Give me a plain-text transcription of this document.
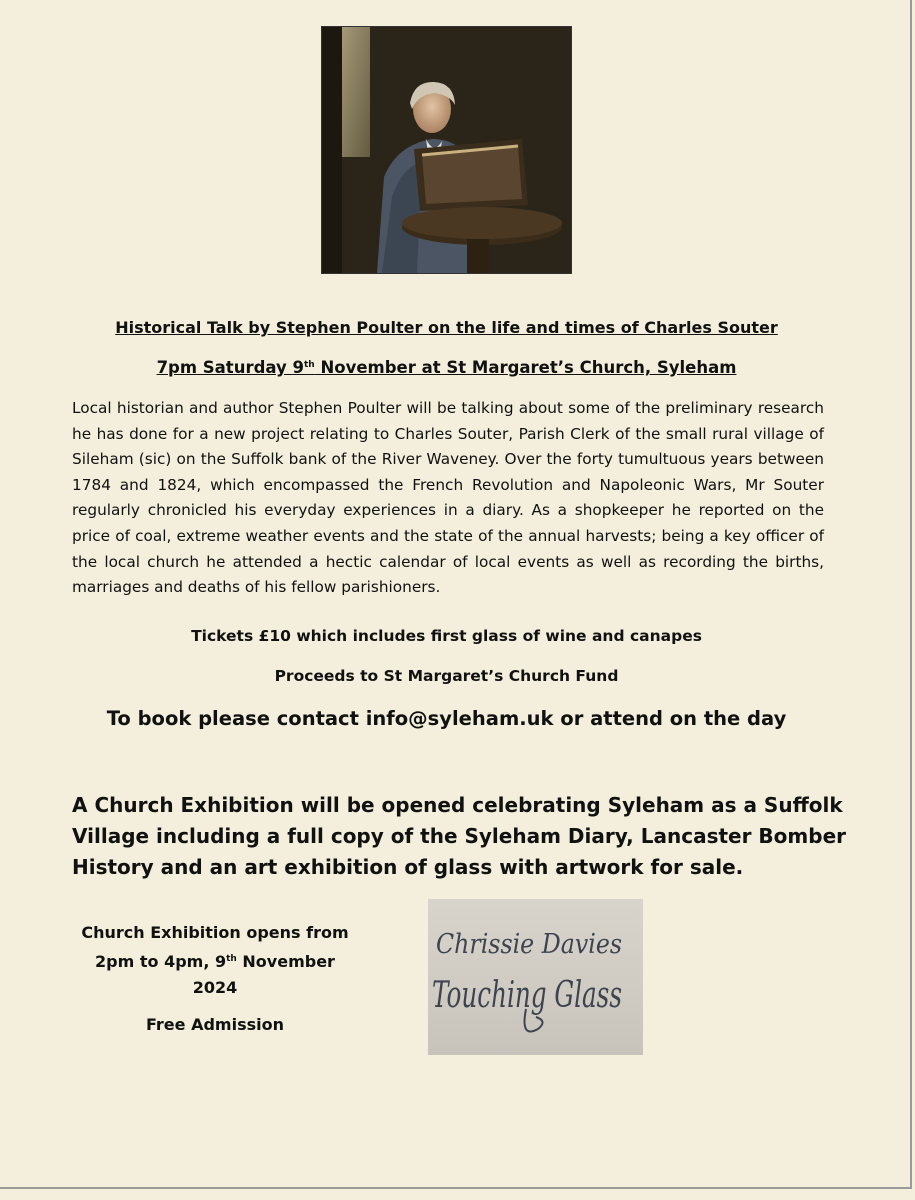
Historical Talk by Stephen Poulter on the life and times of Charles Souter
7pm Saturday 9th November at St Margaret’s Church, Syleham
Local historian and author Stephen Poulter will be talking about some of the preliminary research he has done for a new project relating to Charles Souter, Parish Clerk of the small rural village of Sileham (sic) on the Suffolk bank of the River Waveney. Over the forty tumultuous years between 1784 and 1824, which encompassed the French Revolution and Napoleonic Wars, Mr Souter regularly chronicled his everyday experiences in a diary. As a shopkeeper he reported on the price of coal, extreme weather events and the state of the annual harvests; being a key officer of the local church he attended a hectic calendar of local events as well as recording the births, marriages and deaths of his fellow parishioners.
Tickets £10 which includes first glass of wine and canapes
Proceeds to St Margaret’s Church Fund
To book please contact info@syleham.uk or attend on the day
A Church Exhibition will be opened celebrating Syleham as a Suffolk Village including a full copy of the Syleham Diary, Lancaster Bomber History and an art exhibition of glass with artwork for sale.
Church Exhibition opens from
2pm to 4pm, 9th November
2024
Free Admission
Chrissie Davies
Touching Glass
